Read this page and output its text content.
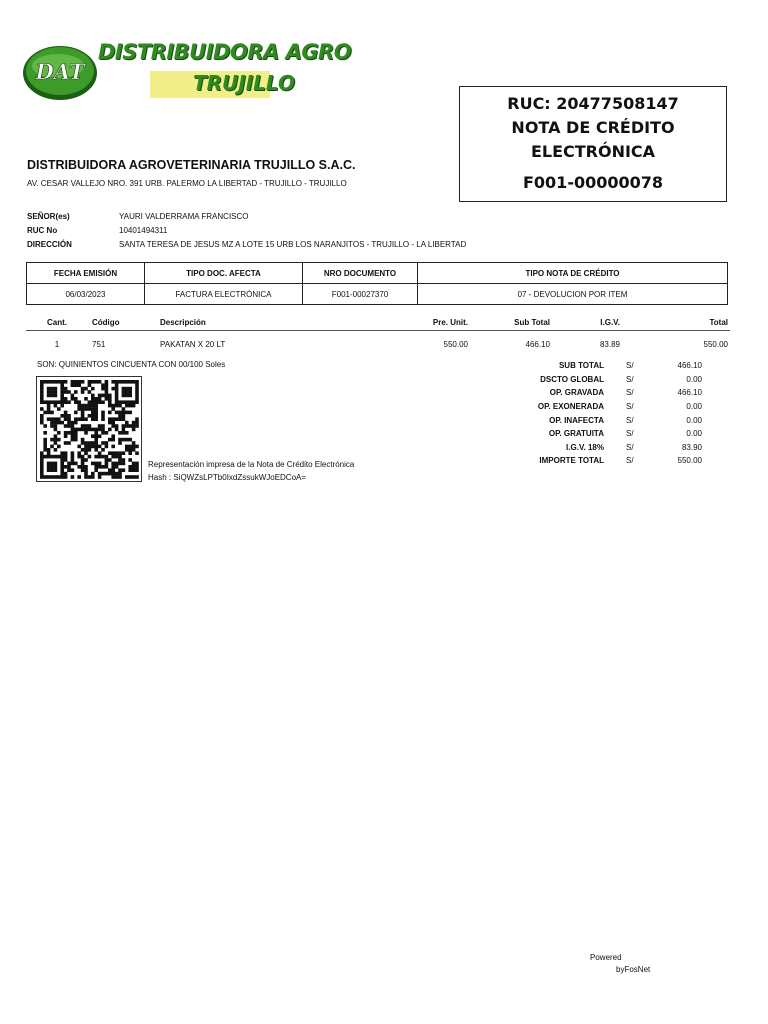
DAT
DISTRIBUIDORA AGRO
TRUJILLO
DISTRIBUIDORA AGROVETERINARIA TRUJILLO S.A.C.
AV. CESAR VALLEJO NRO. 391 URB. PALERMO LA LIBERTAD - TRUJILLO - TRUJILLO
RUC: 20477508147
NOTA DE CRÉDITO
ELECTRÓNICA
F001-00000078
SEÑOR(es)	YAURI VALDERRAMA FRANCISCO
RUC No	10401494311
DIRECCIÓN	SANTA TERESA DE JESUS MZ A LOTE 15 URB LOS NARANJITOS - TRUJILLO - LA LIBERTAD
FECHA EMISIÓN	TIPO DOC. AFECTA	NRO DOCUMENTO	TIPO NOTA DE CRÉDITO
06/03/2023	FACTURA ELECTRÓNICA	F001-00027370	07 - DEVOLUCION POR ITEM
Cant.	Código	Descripción	Pre. Unit.	Sub Total	I.G.V.	Total
1	751	PAKATAN X 20 LT	550.00	466.10	83.89	550.00
SON: QUINIENTOS CINCUENTA CON 00/100 Soles
Representación impresa de la Nota de Crédito Electrónica
Hash : SiQWZsLPTb0IxdZssukWJoEDCoA=
SUB TOTAL	S/	466.10
DSCTO GLOBAL	S/	0.00
OP. GRAVADA	S/	466.10
OP. EXONERADA	S/	0.00
OP. INAFECTA	S/	0.00
OP. GRATUITA	S/	0.00
I.G.V. 18%	S/	83.90
IMPORTE TOTAL	S/	550.00
Powered
byFosNet
